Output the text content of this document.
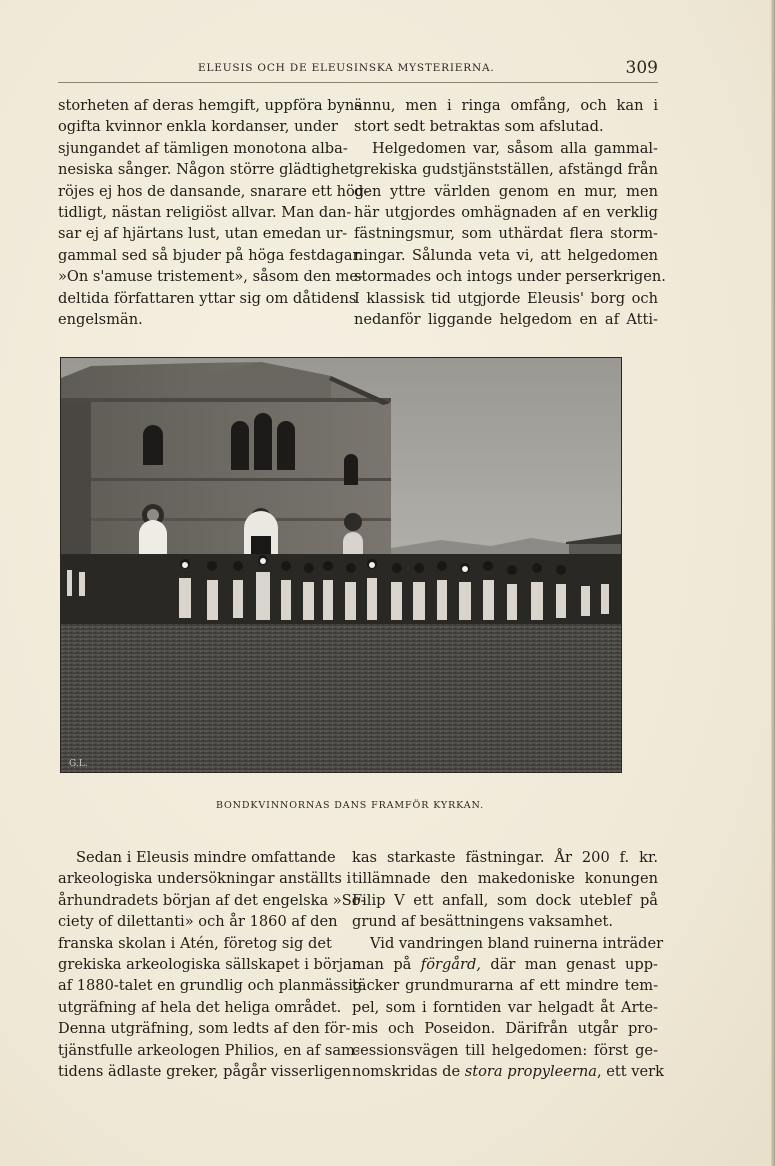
ELEUSIS OCH DE ELEUSINSKA MYSTERIERNA.	309
storheten af deras hemgift, uppföra byns
ogifta kvinnor enkla kordanser, under
sjungandet af tämligen monotona alba-
nesiska sånger. Någon större glädtighet
röjes ej hos de dansande, snarare ett hög-
tidligt, nästan religiöst allvar. Man dan-
sar ej af hjärtans lust, utan emedan ur-
gammal sed så bjuder på höga festdagar.
»On s'amuse tristement», såsom den me-
deltida författaren yttar sig om dåtidens
engelsmän.
ännu, men i ringa omfång, och kan i
stort sedt betraktas som afslutad.
Helgedomen var, såsom alla gammal-
grekiska gudstjänstställen, afstängd från
den yttre världen genom en mur, men
här utgjordes omhägnaden af en verklig
fästningsmur, som uthärdat flera storm-
ningar. Sålunda veta vi, att helgedomen
stormades och intogs under perserkrigen.
I klassisk tid utgjorde Eleusis' borg och
nedanför liggande helgedom en af Atti-
G.L.
BONDKVINNORNAS DANS FRAMFÖR KYRKAN.
Sedan i Eleusis mindre omfattande
arkeologiska undersökningar anställts i
århundradets början af det engelska »So-
ciety of dilettanti» och år 1860 af den
franska skolan i Atén, företog sig det
grekiska arkeologiska sällskapet i början
af 1880-talet en grundlig och planmässig
utgräfning af hela det heliga området.
Denna utgräfning, som ledts af den för-
tjänstfulle arkeologen Philios, en af sam-
tidens ädlaste greker, pågår visserligen
kas starkaste fästningar. År 200 f. kr.
tillämnade den makedoniske konungen
Filip V ett anfall, som dock uteblef på
grund af besättningens vaksamhet.
Vid vandringen bland ruinerna inträder
man på förgård, där man genast upp-
täcker grundmurarna af ett mindre tem-
pel, som i forntiden var helgadt åt Arte-
mis och Poseidon. Därifrån utgår pro-
cessionsvägen till helgedomen: först ge-
nomskridas de stora propyleerna, ett verk
